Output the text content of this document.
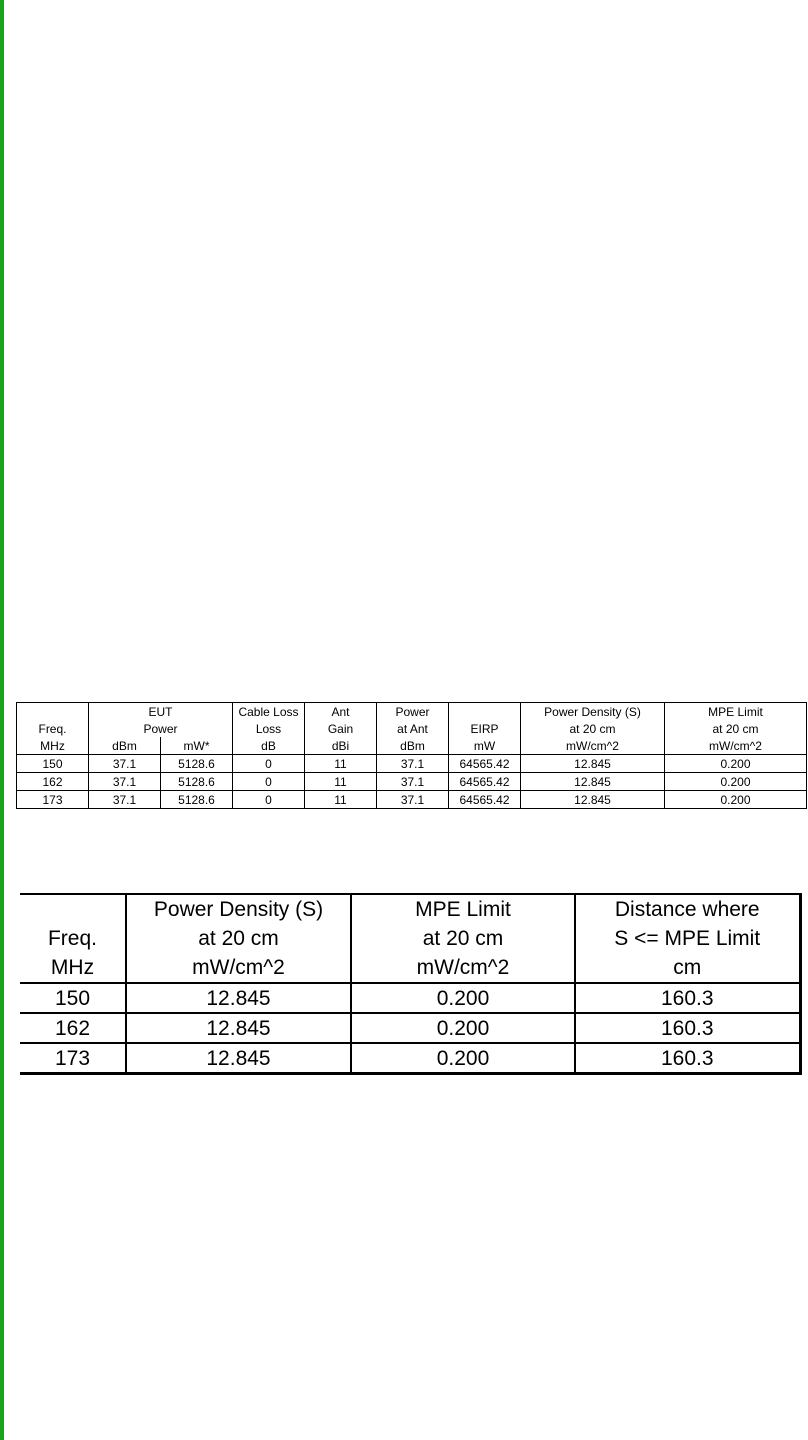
	EUT		Cable Loss	Ant	Power		Power Density (S)	MPE Limit
Freq.	Power		Loss	Gain	at Ant	EIRP	at 20 cm	at 20 cm
MHz	dBm	mW*	dB	dBi	dBm	mW	mW/cm^2	mW/cm^2
150	37.1	5128.6	0	11	37.1	64565.42	12.845	0.200
162	37.1	5128.6	0	11	37.1	64565.42	12.845	0.200
173	37.1	5128.6	0	11	37.1	64565.42	12.845	0.200
	Power Density (S)	MPE Limit	Distance where
Freq.	at 20 cm	at 20 cm	S <= MPE Limit
MHz	mW/cm^2	mW/cm^2	cm
150	12.845	0.200	160.3
162	12.845	0.200	160.3
173	12.845	0.200	160.3
